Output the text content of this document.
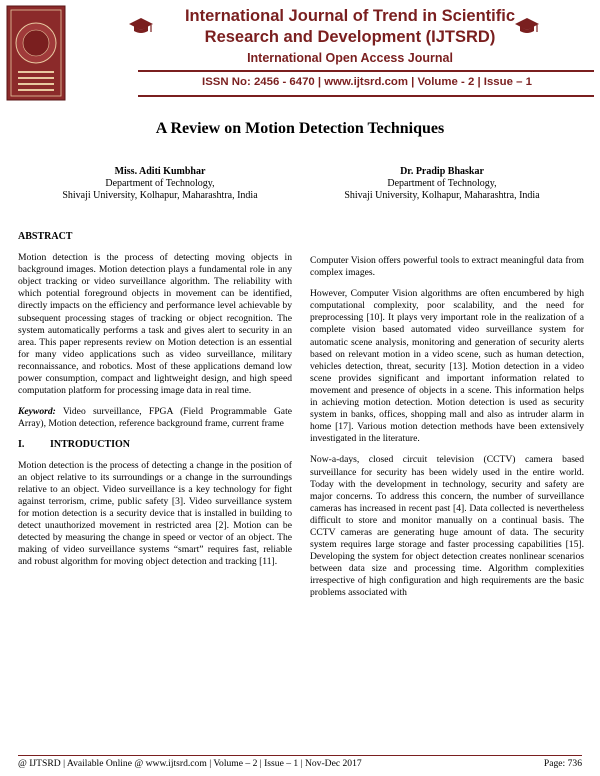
International Journal of Trend in Scientific
Research and Development (IJTSRD)
International Open Access Journal
ISSN No: 2456 - 6470 | www.ijtsrd.com | Volume - 2 | Issue – 1
A Review on Motion Detection Techniques
Miss. Aditi Kumbhar
Department of Technology,
Shivaji University, Kolhapur, Maharashtra, India
Dr. Pradip Bhaskar
Department of Technology,
Shivaji University, Kolhapur, Maharashtra, India
ABSTRACT

Motion detection is the process of detecting moving objects in background images. Motion detection plays a fundamental role in any object tracking or video surveillance algorithm. The reliability with which potential foreground objects in movement can be identified, directly impacts on the efficiency and performance level achievable by subsequent processing stages of tracking or object recognition. The system automatically performs a task and gives alert to security in an area. This paper represents review on Motion detection is an essential for many video applications such as video surveillance, military reconnaissance, and robotics. Most of these applications demand low power consumption, compact and lightweight design, and high speed computation platform for processing image data in real time.

Keyword: Video surveillance, FPGA (Field Programmable Gate Array), Motion detection, reference background frame, current frame

I.	INTRODUCTION

Motion detection is the process of detecting a change in the position of an object relative to its surroundings or a change in the surroundings relative to an object. Video surveillance is a key technology for fight against terrorism, crime, public safety [3]. Video surveillance system for motion detection is a security device that is installed in building to detect unauthorized movement in restricted area [2]. Motion can be detected by measuring the change in speed or vector of an object. The making of video surveillance systems “smart” requires fast, reliable and robust algorithm for moving object detection and tracking [11].

Computer Vision offers powerful tools to extract meaningful data from complex images.

However, Computer Vision algorithms are often encumbered by high computational complexity, poor scalability, and the need for preprocessing [10]. It plays very important role in the realization of a complete vision based automated video surveillance system for automatic scene analysis, monitoring and generation of security alerts based on relevant motion in a video scene, such as human detection, vehicles detection, threat, security [13]. Motion detection in a video scene provides significant and important information related to movement and presence of objects in a scene. This information helps in achieving motion detection. Motion detection is used as security system in banks, offices, shopping mall and also as intruder alarm in home [17]. Various motion detection methods have been extensively investigated in the literature.

Now-a-days, closed circuit television (CCTV) camera based surveillance for security has been widely used in the entire world. Today with the development in technology, security and safety are major concerns. To address this concern, the number of surveillance cameras has increased in recent past [4]. Data collected is nevertheless difficult to store and monitor manually on a continual basis. The CCTV cameras are generating huge amount of data. The security system requires large storage and faster processing capabilities [15]. Developing the system for object detection creates nonlinear scenarios between data size and processing time. Algorithm complexities irrespective of high configuration and high requirements are the basic problems associated with

@ IJTSRD | Available Online @ www.ijtsrd.com | Volume – 2 | Issue – 1 | Nov-Dec 2017	Page: 736
